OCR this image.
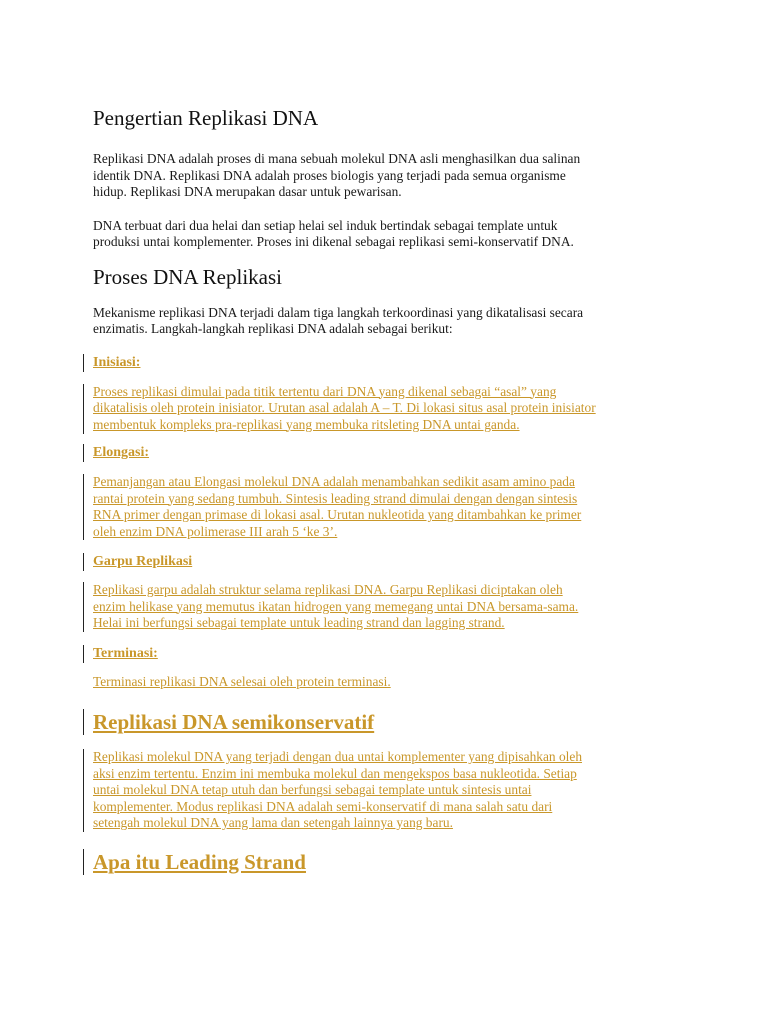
Pengertian Replikasi DNA

Replikasi DNA adalah proses di mana sebuah molekul DNA asli menghasilkan dua salinan
identik DNA. Replikasi DNA adalah proses biologis yang terjadi pada semua organisme
hidup. Replikasi DNA merupakan dasar untuk pewarisan.

DNA terbuat dari dua helai dan setiap helai sel induk bertindak sebagai template untuk
produksi untai komplementer. Proses ini dikenal sebagai replikasi semi-konservatif DNA.

Proses DNA Replikasi

Mekanisme replikasi DNA terjadi dalam tiga langkah terkoordinasi yang dikatalisasi secara
enzimatis. Langkah-langkah replikasi DNA adalah sebagai berikut:

Inisiasi:

Proses replikasi dimulai pada titik tertentu dari DNA yang dikenal sebagai “asal” yang
dikatalisis oleh protein inisiator. Urutan asal adalah A – T. Di lokasi situs asal protein inisiator
membentuk kompleks pra-replikasi yang membuka ritsleting DNA untai ganda.

Elongasi:

Pemanjangan atau Elongasi molekul DNA adalah menambahkan sedikit asam amino pada
rantai protein yang sedang tumbuh. Sintesis leading strand dimulai dengan dengan sintesis
RNA primer dengan primase di lokasi asal. Urutan nukleotida yang ditambahkan ke primer
oleh enzim DNA polimerase III arah 5 ‘ke 3’.

Garpu Replikasi

Replikasi garpu adalah struktur selama replikasi DNA. Garpu Replikasi diciptakan oleh
enzim helikase yang memutus ikatan hidrogen yang memegang untai DNA bersama-sama.
Helai ini berfungsi sebagai template untuk leading strand dan lagging strand.

Terminasi:

Terminasi replikasi DNA selesai oleh protein terminasi.

Replikasi DNA semikonservatif

Replikasi molekul DNA yang terjadi dengan dua untai komplementer yang dipisahkan oleh
aksi enzim tertentu. Enzim ini membuka molekul dan mengekspos basa nukleotida. Setiap
untai molekul DNA tetap utuh dan berfungsi sebagai template untuk sintesis untai
komplementer. Modus replikasi DNA adalah semi-konservatif di mana salah satu dari
setengah molekul DNA yang lama dan setengah lainnya yang baru.

Apa itu Leading Strand
